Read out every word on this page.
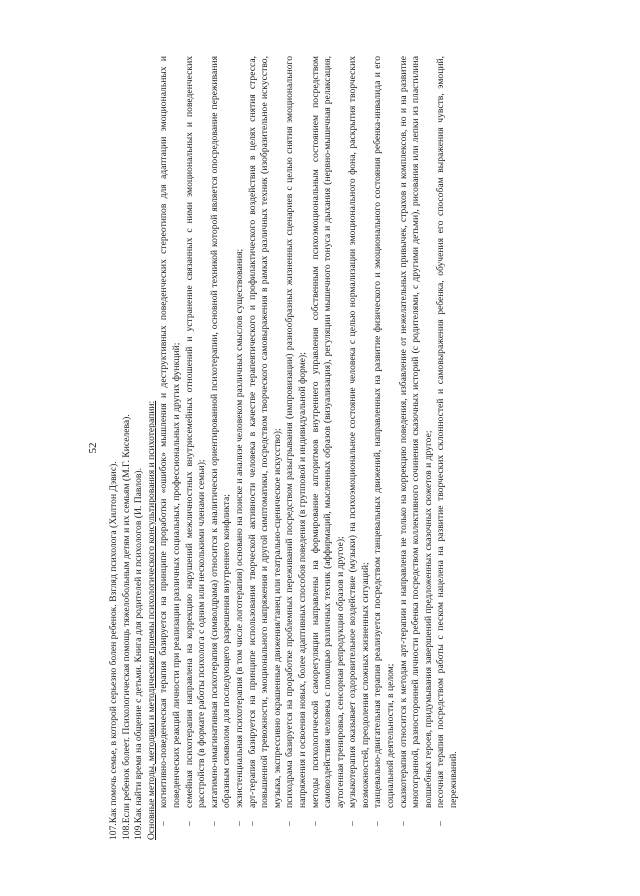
52
107.Как помочь семье, в которой серьезно болен ребенок. Взгляд психолога (Хилтон Дэвис). 108.Если ребенок болеет. Психологическая помощь тяжелобольным детям и их семьям (М.Г. Киселева). 109.Как найти время на общение с детьми. Книга для родителей и психологов (И. Павлов). Основные методы, методики и методические приемы психологического консультирования и психотерапии: – когнитивно-поведенческая терапия базируется на принципе проработки «ошибок» мышления и деструктивных поведенческих стереотипов для адаптации эмоциональных и поведенческих реакций личности при реализации различных социальных, профессиональных и других функций; – семейная психотерапия направлена на коррекцию нарушений межличностных внутрисемейных отношений и устранение связанных с ними эмоциональных и поведенческих расстройств (в формате работы психолога с одним или несколькими членами семьи); – кататимно-имагинативная психотерапия (символдрама) относится к аналитически ориентированной психотерапии, основной техникой которой является опосредование переживания образным символом для последующего разрешения внутреннего конфликта; – экзистенциальная психотерапия (в том числе логотерапия) основано на поиске и анализе человеком различных смыслов существования; – арт-терапия базируется на принципе использования творческой активности человека в качестве терапевтического и профилактического воздействия в целях снятия стресса, повышенной тревожности, эмоционального напряжения и другой симптоматики, посредством творческого самовыражения в рамках различных техник (изобразительное искусство, музыка, экспрессивно окрашенные движения/танец или театрально-сценическое искусство); – психодрама базируется на проработке проблемных переживаний посредством разыгрывания (импровизации) разнообразных жизненных сценариев с целью снятия эмоционального напряжения и освоения новых, более адаптивных способов поведения (в групповой и индивидуальной форме); – методы психологической саморегуляции направлены на формирование алгоритмов внутреннего управления собственным психоэмоциональным состоянием посредством самовоздействия человека с помощью различных техник (аффирмаций, мысленных образов (визуализация), регуляции мышечного тонуса и дыхания (нервно-мышечная релаксация, аутогенная тренировка, сенсорная репродукция образов и другое); – музыкотерапия оказывает оздоровительное воздействие (музыки) на психоэмоциональное состояние человека с целью нормализации эмоционального фона, раскрытия творческих возможностей, преодоления сложных жизненных ситуаций; – танцевально-двигательная терапия реализуется посредством танцевальных движений, направленных на развитие физического и эмоционального состояния ребенка-инвалида и его социальной деятельности, в целом; – сказкотерапия относится к методам арт-терапии и направлена не только на коррекцию поведения, избавление от нежелательных привычек, страхов и комплексов, но и на развитие многогранной, разносторонней личности ребенка посредством коллективного сочинения сказочных историй (с родителями, с другими детьми), рисования или лепки из пластилина волшебных героев, придумывания завершений предложенных сказочных сюжетов и другое; – песочная терапия посредством работы с песком нацелена на развитие творческих склонностей и самовыражения ребенка, обучения его способам выражения чувств, эмоций, переживаний.
